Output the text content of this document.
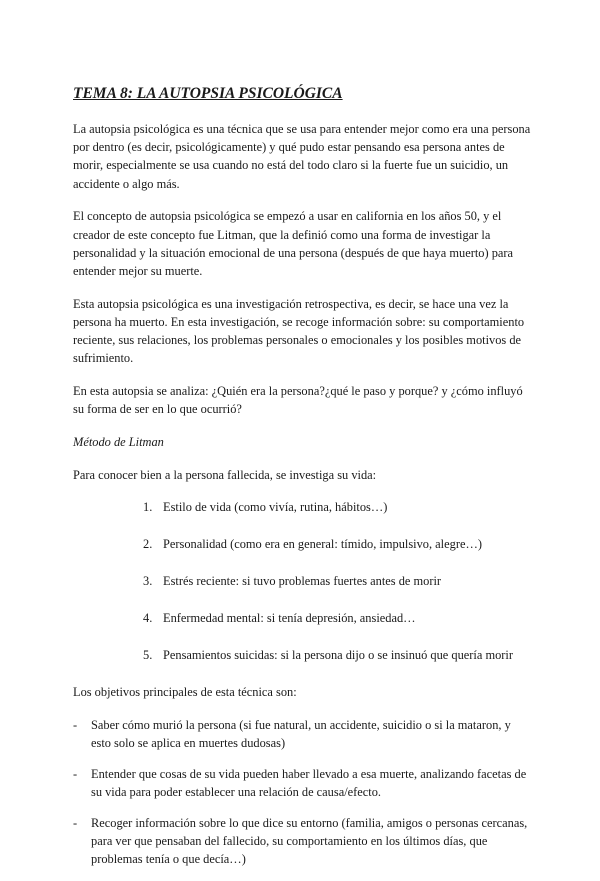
TEMA 8: LA AUTOPSIA PSICOLÓGICA

La autopsia psicológica es una técnica que se usa para entender mejor como era una persona por dentro (es decir, psicológicamente) y qué pudo estar pensando esa persona antes de morir, especialmente se usa cuando no está del todo claro si la fuerte fue un suicidio, un accidente o algo más.

El concepto de autopsia psicológica se empezó a usar en california en los años 50, y el creador de este concepto fue Litman, que la definió como una forma de investigar la personalidad y la situación emocional de una persona (después de que haya muerto) para entender mejor su muerte.

Esta autopsia psicológica es una investigación retrospectiva, es decir, se hace una vez la persona ha muerto. En esta investigación, se recoge información sobre: su comportamiento reciente, sus relaciones, los problemas personales o emocionales y los posibles motivos de sufrimiento.

En esta autopsia se analiza: ¿Quién era la persona?¿qué le paso y porque? y ¿cómo influyó su forma de ser en lo que ocurrió?

Método de Litman

Para conocer bien a la persona fallecida, se investiga su vida:

1. Estilo de vida (como vivía, rutina, hábitos…)
2. Personalidad (como era en general: tímido, impulsivo, alegre…)
3. Estrés reciente: si tuvo problemas fuertes antes de morir
4. Enfermedad mental: si tenía depresión, ansiedad…
5. Pensamientos suicidas: si la persona dijo o se insinuó que quería morir

Los objetivos principales de esta técnica son:

- Saber cómo murió la persona (si fue natural, un accidente, suicidio o si la mataron, y esto solo se aplica en muertes dudosas)
- Entender que cosas de su vida pueden haber llevado a esa muerte, analizando facetas de su vida para poder establecer una relación de causa/efecto.
- Recoger información sobre lo que dice su entorno (familia, amigos o personas cercanas, para ver que pensaban del fallecido, su comportamiento en los últimos días, que problemas tenía o que decía…)
